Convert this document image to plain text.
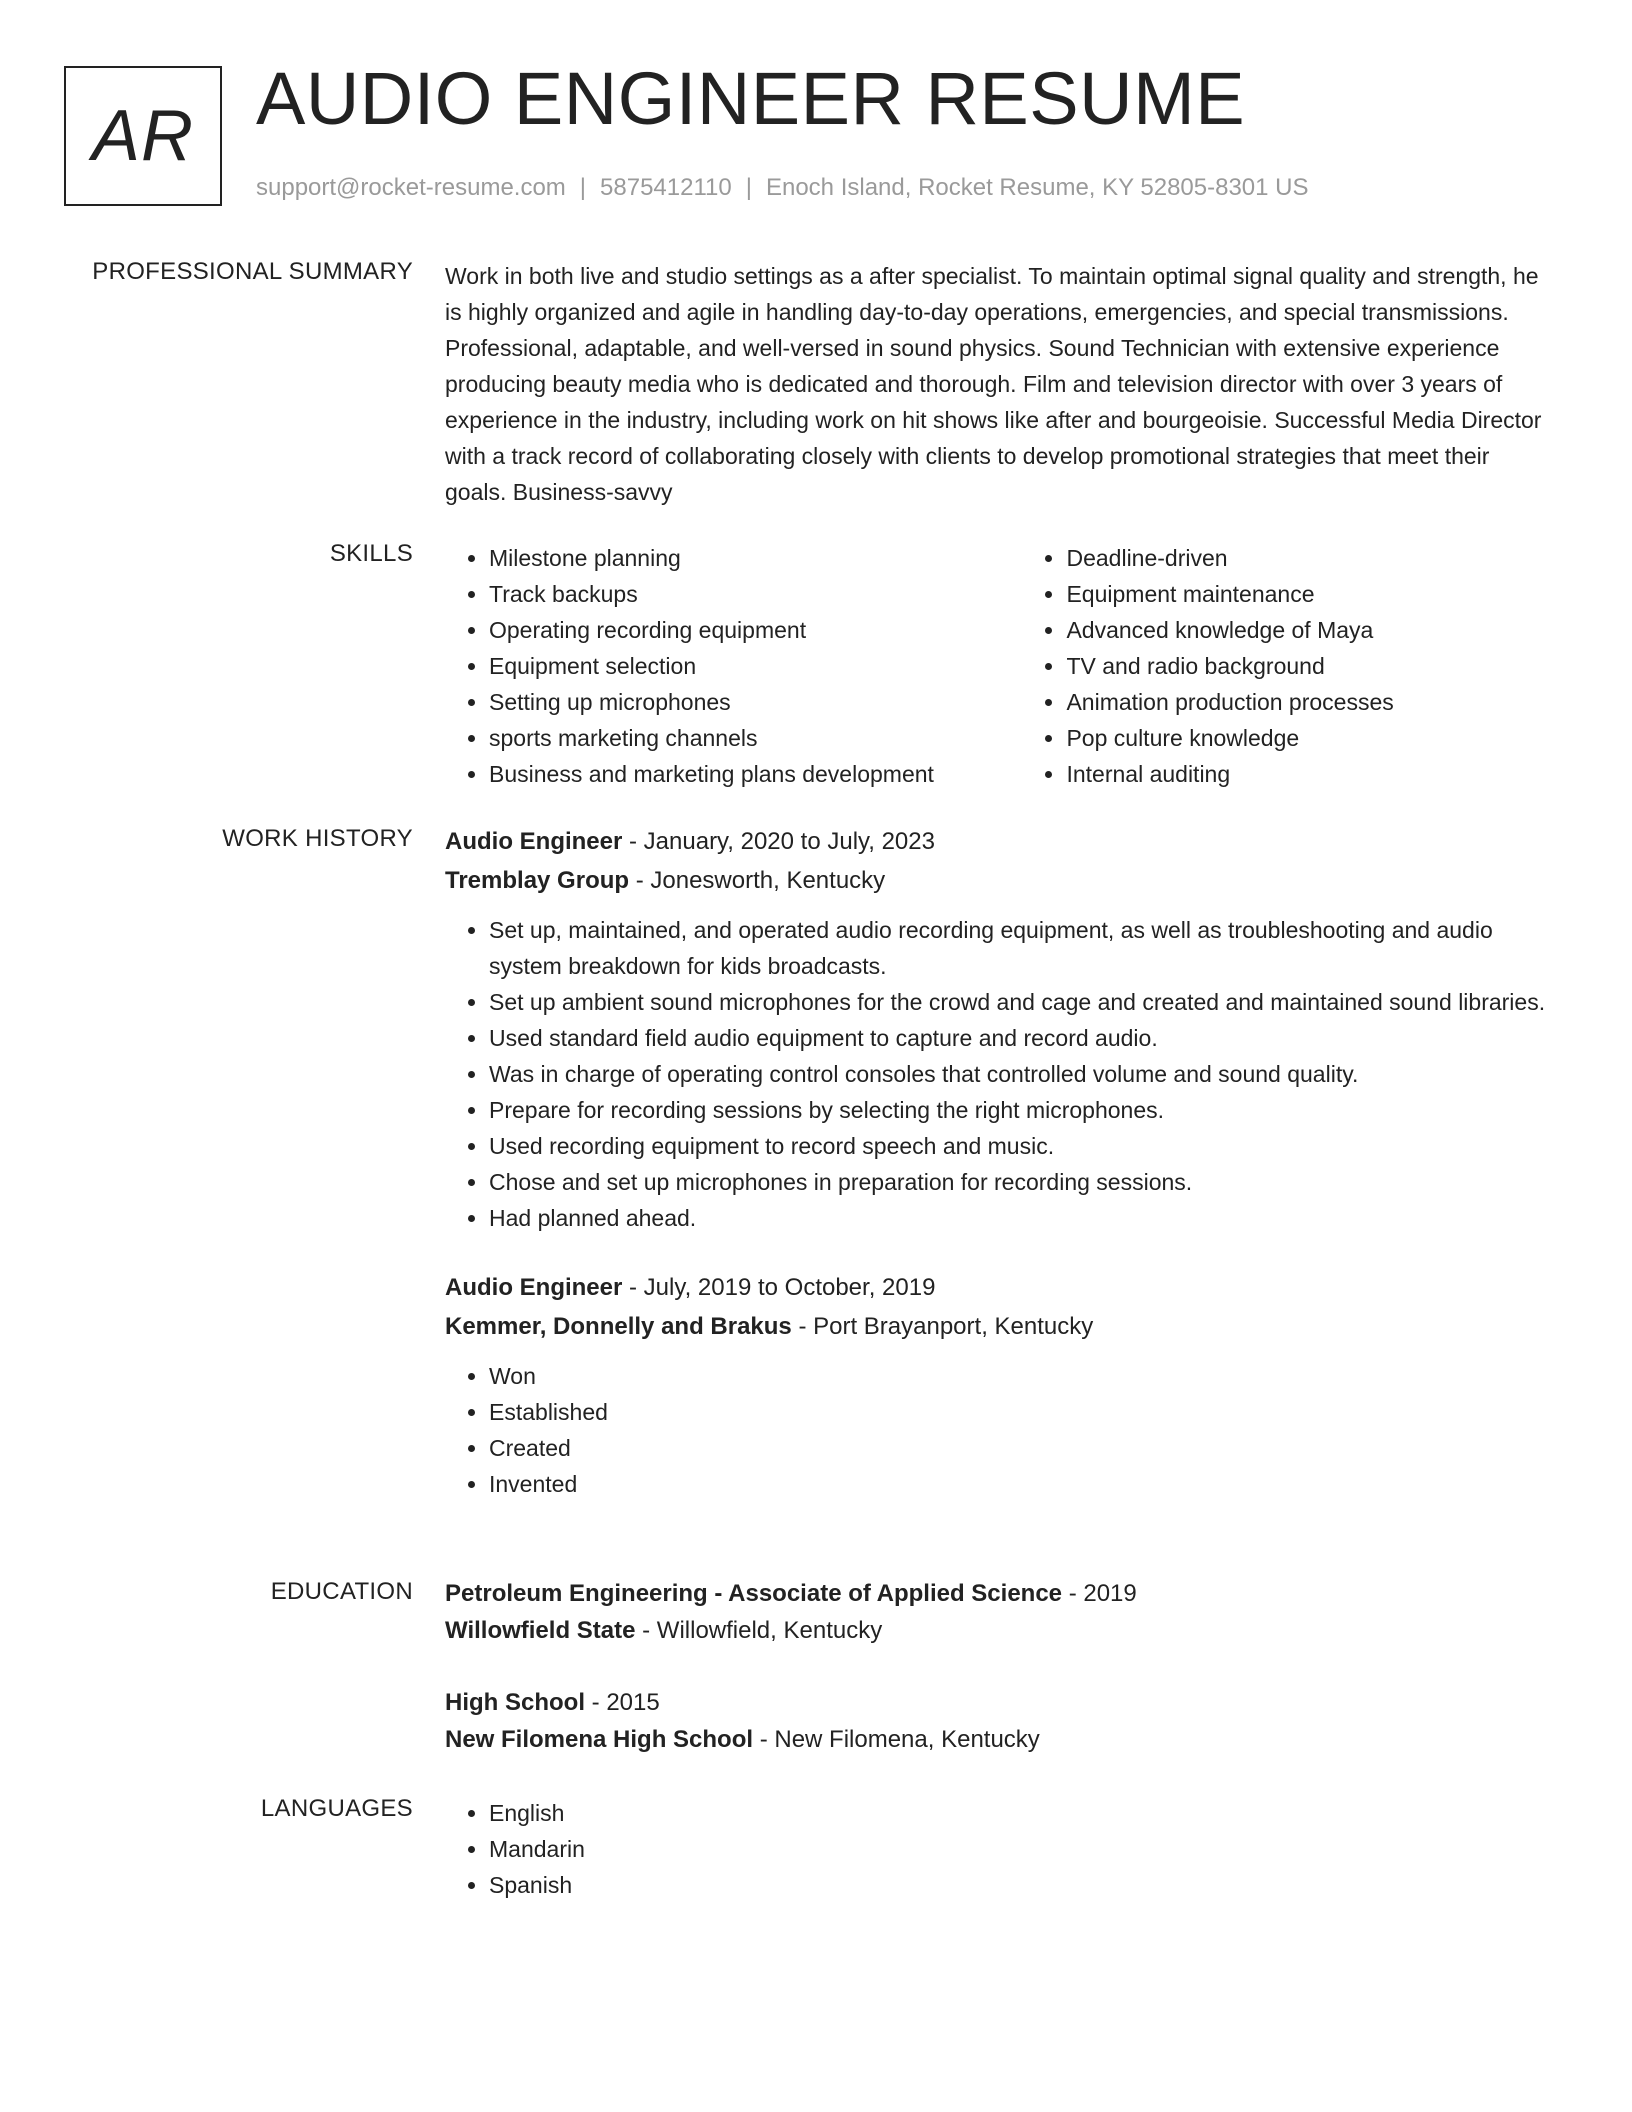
AR AUDIO ENGINEER RESUME
support@rocket-resume.com | 5875412110 | Enoch Island, Rocket Resume, KY 52805-8301 US
PROFESSIONAL SUMMARY Work in both live and studio settings as a after specialist. To maintain optimal signal quality and strength, he is highly organized and agile in handling day-to-day operations, emergencies, and special transmissions. Professional, adaptable, and well-versed in sound physics. Sound Technician with extensive experience producing beauty media who is dedicated and thorough. Film and television director with over 3 years of experience in the industry, including work on hit shows like after and bourgeoisie. Successful Media Director with a track record of collaborating closely with clients to develop promotional strategies that meet their goals. Business-savvy

SKILLS	• Milestone planning
• Track backups
• Operating recording equipment
• Equipment selection
• Setting up microphones
• sports marketing channels
• Business and marketing plans development
• Deadline-driven
• Equipment maintenance
• Advanced knowledge of Maya
• TV and radio background
• Animation production processes
• Pop culture knowledge
• Internal auditing
WORK HISTORY Audio Engineer - January, 2020 to July, 2023
Tremblay Group - Jonesworth, Kentucky
• Set up, maintained, and operated audio recording equipment, as well as troubleshooting and audio system breakdown for kids broadcasts.
• Set up ambient sound microphones for the crowd and cage and created and maintained sound libraries.
• Used standard field audio equipment to capture and record audio.
• Was in charge of operating control consoles that controlled volume and sound quality.
• Prepare for recording sessions by selecting the right microphones.
• Used recording equipment to record speech and music.
• Chose and set up microphones in preparation for recording sessions.
• Had planned ahead.
Audio Engineer - July, 2019 to October, 2019
Kemmer, Donnelly and Brakus - Port Brayanport, Kentucky
• Won
• Established
• Created
• Invented
EDUCATION Petroleum Engineering - Associate of Applied Science - 2019
Willowfield State - Willowfield, Kentucky
High School - 2015
New Filomena High School - New Filomena, Kentucky
LANGUAGES	• English
• Mandarin
• Spanish
